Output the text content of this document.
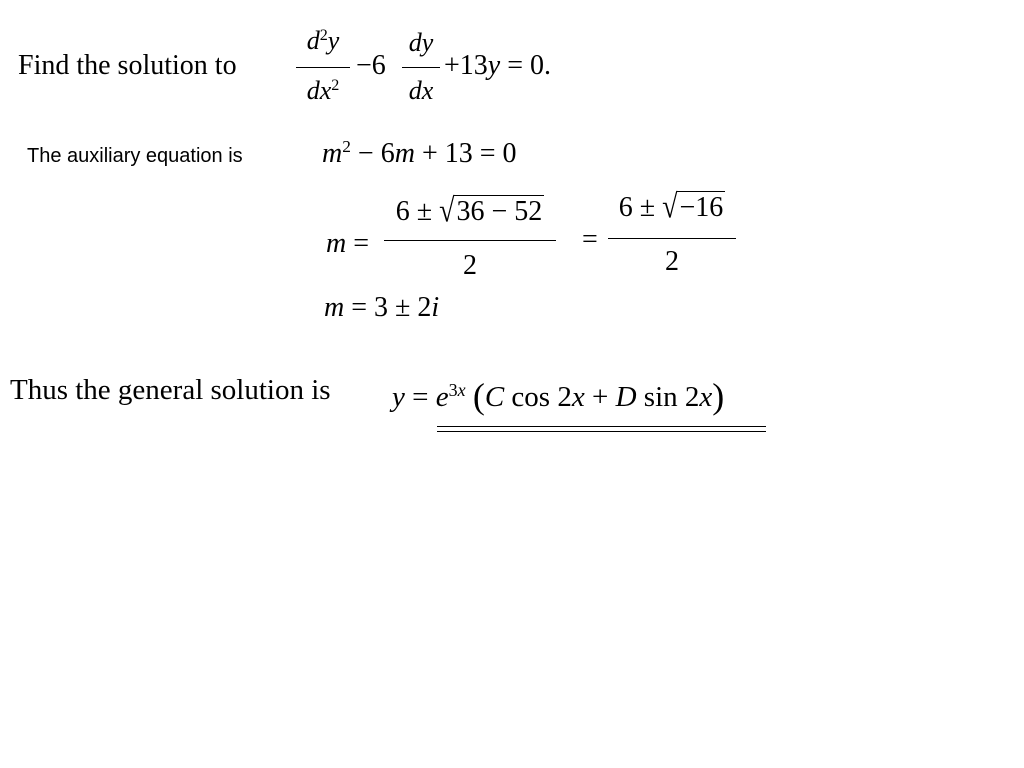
Find the solution to
$d^2y$
$dx^2$
−6
dy
dx
+13y = 0.
The auxiliary equation is	$m^2 - 6m + 13 = 0$
m =
6 ± √36 − 52
2
=
6 ± √−16
2
m = 3 ± 2i
Thus the general solution is $y = e^{3x}$ (C cos 2x + D sin 2x)
